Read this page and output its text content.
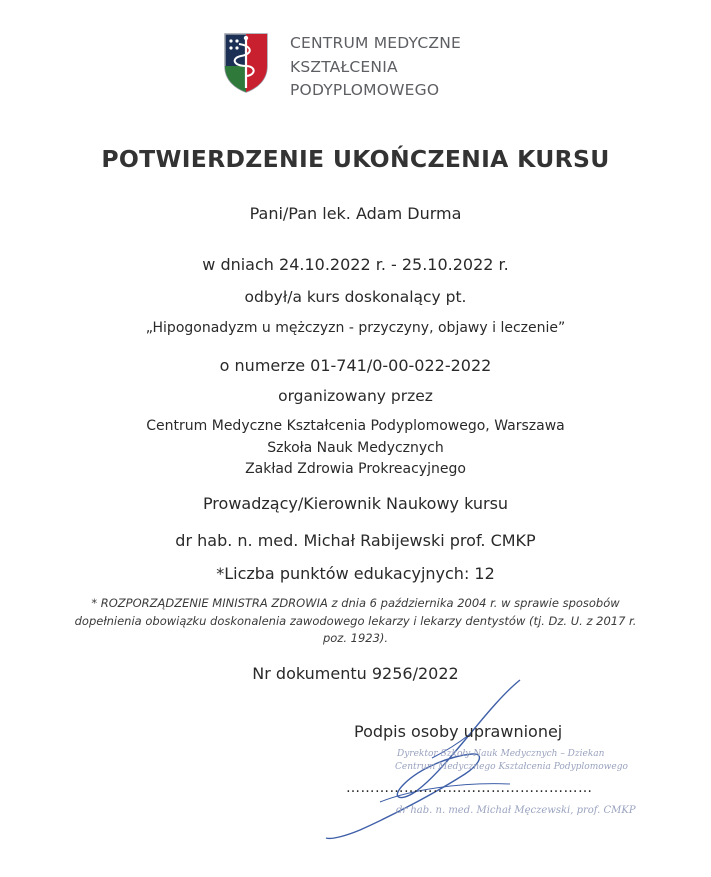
CENTRUM MEDYCZNE
KSZTAŁCENIA
PODYPLOMOWEGO
POTWIERDZENIE UKOŃCZENIA KURSU
Pani/Pan lek. Adam Durma
w dniach 24.10.2022 r. - 25.10.2022 r.
odbył/a kurs doskonalący pt.
„Hipogonadyzm u mężczyzn - przyczyny, objawy i leczenie”
o numerze 01-741/0-00-022-2022
organizowany przez
Centrum Medyczne Kształcenia Podyplomowego, Warszawa
Szkoła Nauk Medycznych
Zakład Zdrowia Prokreacyjnego
Prowadzący/Kierownik Naukowy kursu
dr hab. n. med. Michał Rabijewski prof. CMKP
*Liczba punktów edukacyjnych: 12
* ROZPORZĄDZENIE MINISTRA ZDROWIA z dnia 6 października 2004 r. w sprawie sposobów
dopełnienia obowiązku doskonalenia zawodowego lekarzy i lekarzy dentystów (tj. Dz. U. z 2017 r.
poz. 1923).
Nr dokumentu 9256/2022
Podpis osoby uprawnionej
Dyrektor Szkoły Nauk Medycznych – Dziekan
Centrum Medycznego Kształcenia Podyplomowego
……………………………………………
dr hab. n. med. Michał Męczewski, prof. CMKP
